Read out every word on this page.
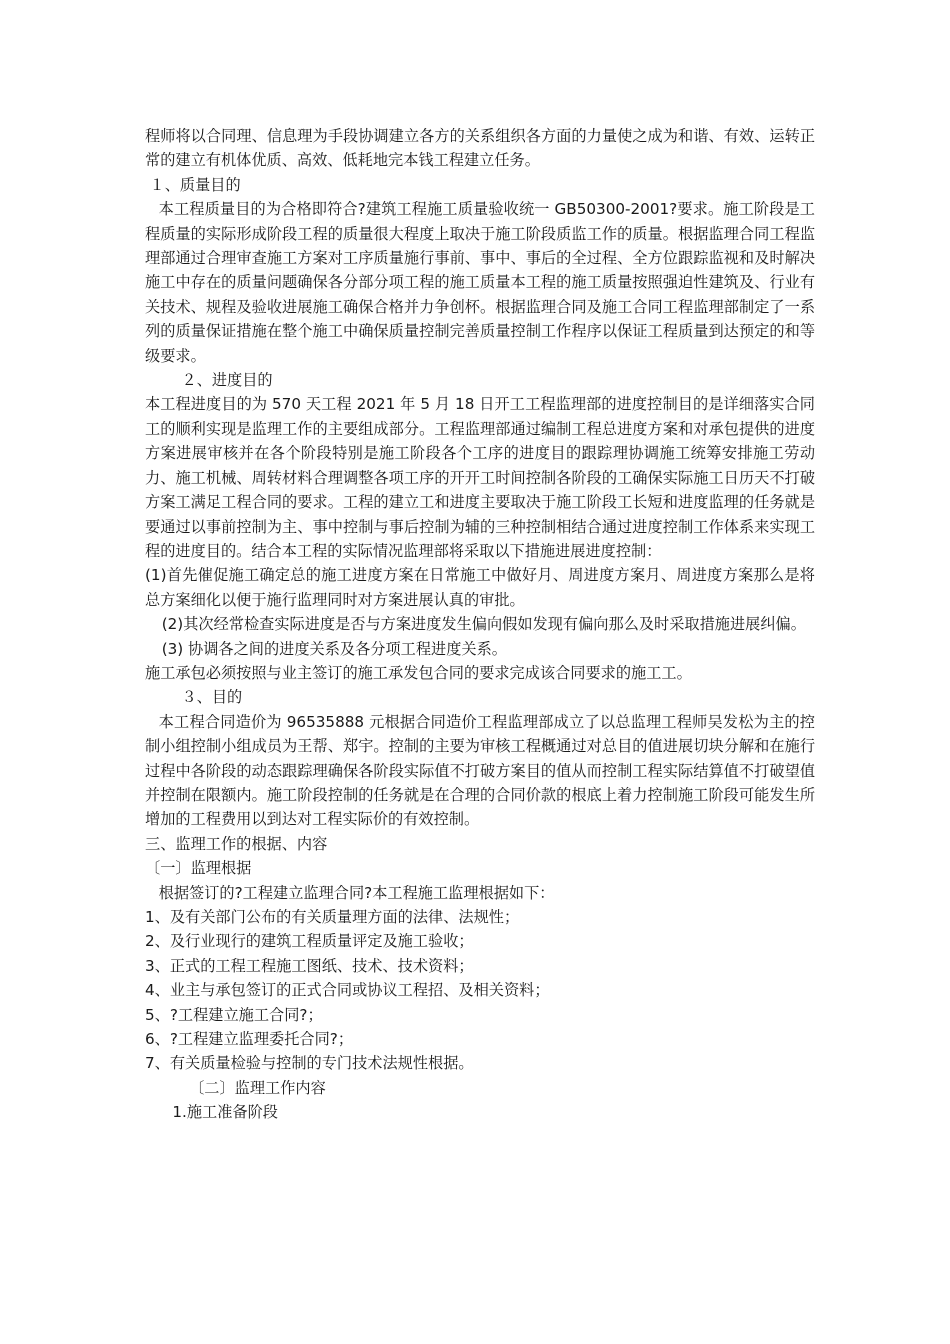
程师将以合同理、信息理为手段协调建立各方的关系组织各方面的力量使之成为和谐、有效、运转正常的建立有机体优质、高效、低耗地完本钱工程建立任务。

１、质量目的

本工程质量目的为合格即符合?建筑工程施工质量验收统一 GB50300-2001?要求。施工阶段是工程质量的实际形成阶段工程的质量很大程度上取决于施工阶段质监工作的质量。根据监理合同工程监理部通过合理审查施工方案对工序质量施行事前、事中、事后的全过程、全方位跟踪监视和及时解决施工中存在的质量问题确保各分部分项工程的施工质量本工程的施工质量按照强迫性建筑及、行业有关技术、规程及验收进展施工确保合格并力争创杯。根据监理合同及施工合同工程监理部制定了一系列的质量保证措施在整个施工中确保质量控制完善质量控制工作程序以保证工程质量到达预定的和等级要求。

２、进度目的

本工程进度目的为 570 天工程 2021 年 5 月 18 日开工工程监理部的进度控制目的是详细落实合同工的顺利实现是监理工作的主要组成部分。工程监理部通过编制工程总进度方案和对承包提供的进度方案进展审核并在各个阶段特别是施工阶段各个工序的进度目的跟踪理协调施工统筹安排施工劳动力、施工机械、周转材料合理调整各项工序的开开工时间控制各阶段的工确保实际施工日历天不打破方案工满足工程合同的要求。工程的建立工和进度主要取决于施工阶段工长短和进度监理的任务就是要通过以事前控制为主、事中控制与事后控制为辅的三种控制相结合通过进度控制工作体系来实现工程的进度目的。结合本工程的实际情况监理部将采取以下措施进展进度控制：

(1)首先催促施工确定总的施工进度方案在日常施工中做好月、周进度方案月、周进度方案那么是将总方案细化以便于施行监理同时对方案进展认真的审批。

(2)其次经常检查实际进度是否与方案进度发生偏向假如发现有偏向那么及时采取措施进展纠偏。

(3) 协调各之间的进度关系及各分项工程进度关系。

施工承包必须按照与业主签订的施工承发包合同的要求完成该合同要求的施工工。

３、目的

本工程合同造价为 96535888 元根据合同造价工程监理部成立了以总监理工程师吴发松为主的控制小组控制小组成员为王帮、郑宇。控制的主要为审核工程概通过对总目的值进展切块分解和在施行过程中各阶段的动态跟踪理确保各阶段实际值不打破方案目的值从而控制工程实际结算值不打破望值并控制在限额内。施工阶段控制的任务就是在合理的合同价款的根底上着力控制施工阶段可能发生所增加的工程费用以到达对工程实际价的有效控制。

三、监理工作的根据、内容

〔一〕监理根据

根据签订的?工程建立监理合同?本工程施工监理根据如下：

1、及有关部门公布的有关质量理方面的法律、法规性；

2、及行业现行的建筑工程质量评定及施工验收；

3、正式的工程工程施工图纸、技术、技术资料；

4、业主与承包签订的正式合同或协议工程招、及相关资料；

5、?工程建立施工合同?；

6、?工程建立监理委托合同?；

7、有关质量检验与控制的专门技术法规性根据。

〔二〕监理工作内容

1.施工准备阶段
